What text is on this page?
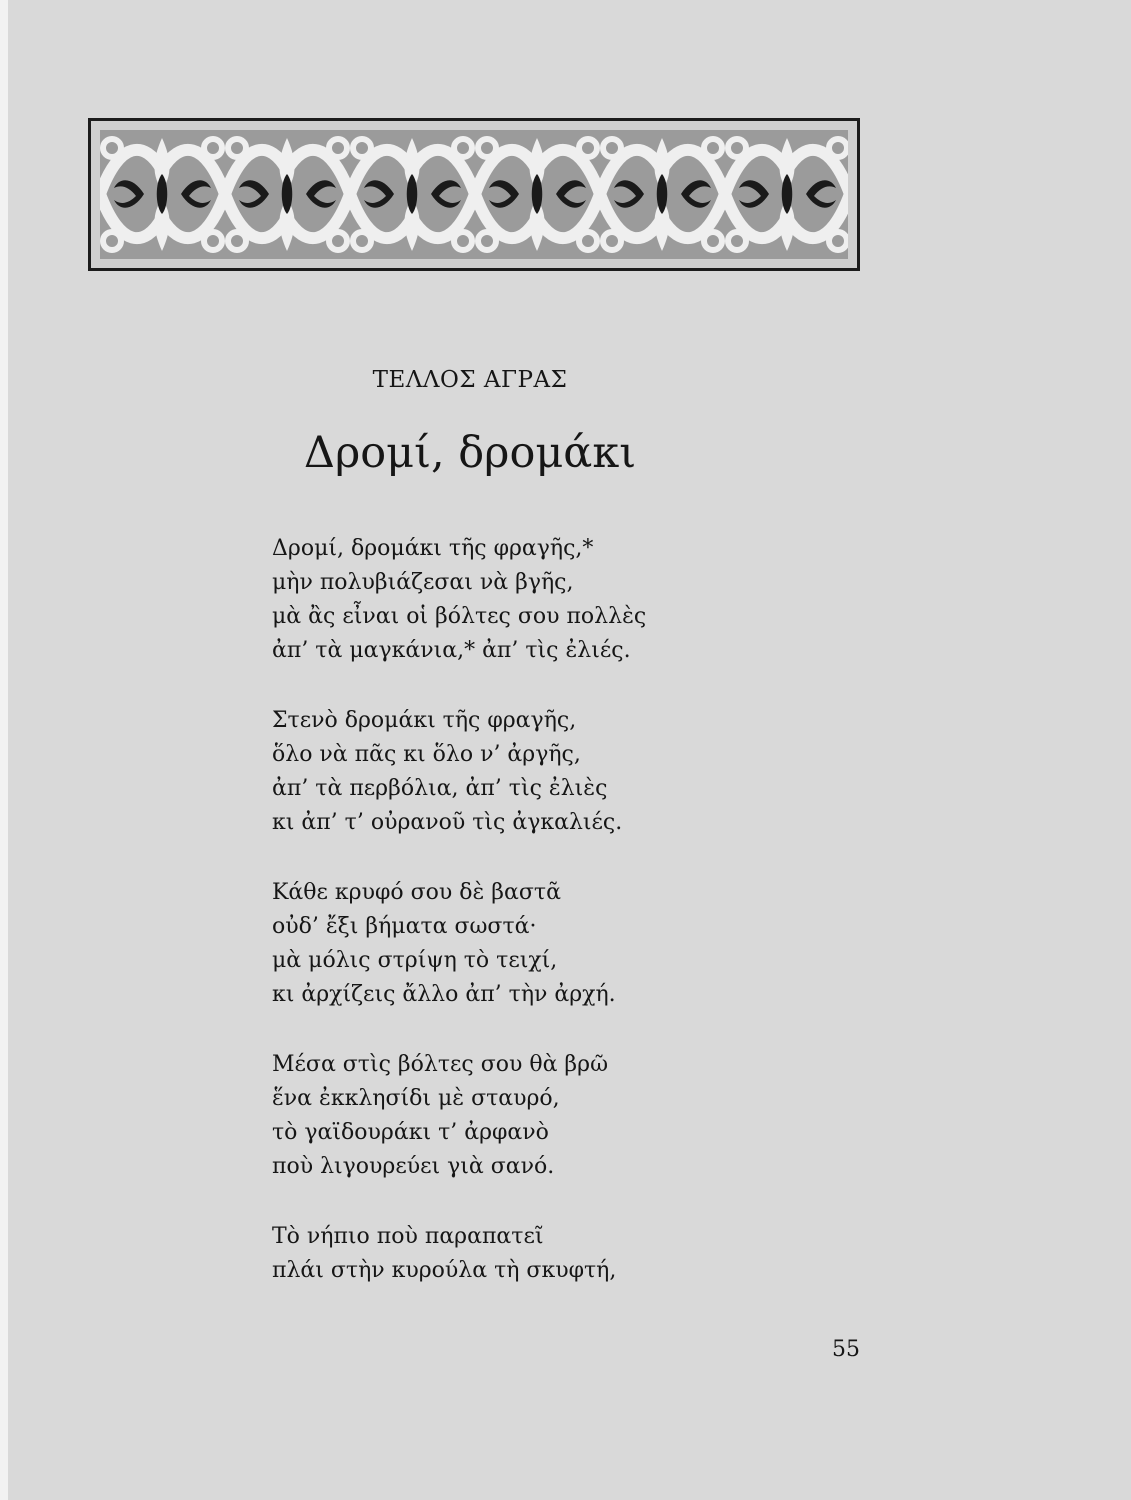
ΤΕΛΛΟΣ ΑΓΡΑΣ
Δρομί, δρομάκι
Δρομί, δρομάκι τῆς φραγῆς,*
μὴν πολυβιάζεσαι νὰ βγῆς,
μὰ ἂς εἶναι οἱ βόλτες σου πολλὲς
ἀπ’ τὰ μαγκάνια,* ἀπ’ τὶς ἐλιές.
Στενὸ δρομάκι τῆς φραγῆς,
ὅλο νὰ πᾶς κι ὅλο ν’ ἀργῆς,
ἀπ’ τὰ περβόλια, ἀπ’ τὶς ἐλιὲς
κι ἀπ’ τ’ οὐρανοῦ τὶς ἀγκαλιές.
Κάθε κρυφό σου δὲ βαστᾶ
οὐδ’ ἔξι βήματα σωστά·
μὰ μόλις στρίψη τὸ τειχί,
κι ἀρχίζεις ἄλλο ἀπ’ τὴν ἀρχή.
Μέσα στὶς βόλτες σου θὰ βρῶ
ἕνα ἐκκλησίδι μὲ σταυρό,
τὸ γαϊδουράκι τ’ ἀρφανὸ
ποὺ λιγουρεύει γιὰ σανό.
Τὸ νήπιο ποὺ παραπατεῖ
πλάι στὴν κυρούλα τὴ σκυφτή,
55
